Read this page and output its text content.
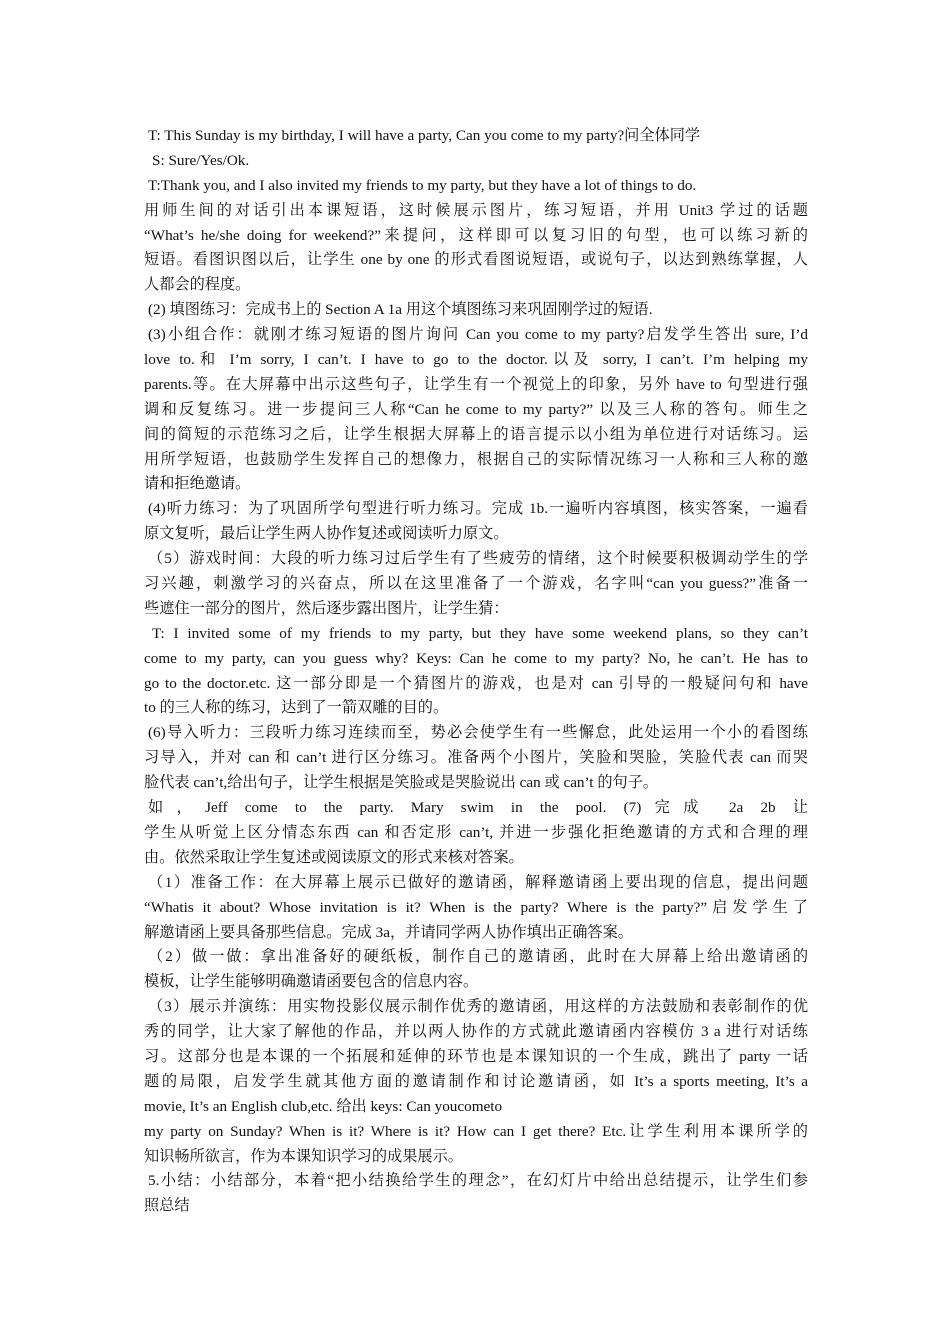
T: This Sunday is my birthday, I will have a party, Can you come to my party?问全体同学
S: Sure/Yes/Ok.
T:Thank you, and I also invited my friends to my party, but they have a lot of things to do.
用师生间的对话引出本课短语，这时候展示图片，练习短语，并用 Unit3 学过的话题
“What’s he/she doing for weekend?”来提问，这样即可以复习旧的句型，也可以练习新的
短语。看图识图以后，让学生 one by one 的形式看图说短语，或说句子，以达到熟练掌握，人
人都会的程度。
(2) 填图练习：完成书上的 Section A 1a 用这个填图练习来巩固刚学过的短语.
(3)小组合作：就刚才练习短语的图片询问 Can you come to my party?启发学生答出 sure, I’d
love to.和 I’m sorry, I can’t. I have to go to the doctor.以及 sorry, I can’t. I’m helping my
parents.等。在大屏幕中出示这些句子，让学生有一个视觉上的印象，另外 have to 句型进行强
调和反复练习。进一步提问三人称“Can he come to my party?” 以及三人称的答句。师生之
间的简短的示范练习之后，让学生根据大屏幕上的语言提示以小组为单位进行对话练习。运
用所学短语，也鼓励学生发挥自己的想像力，根据自己的实际情况练习一人称和三人称的邀
请和拒绝邀请。
(4)听力练习：为了巩固所学句型进行听力练习。完成 1b.一遍听内容填图，核实答案，一遍看
原文复听，最后让学生两人协作复述或阅读听力原文。
（5）游戏时间：大段的听力练习过后学生有了些疲劳的情绪，这个时候要积极调动学生的学
习兴趣，刺激学习的兴奋点，所以在这里准备了一个游戏，名字叫“can you guess?”准备一
些遮住一部分的图片，然后逐步露出图片，让学生猜：
T: I invited some of my friends to my party, but they have some weekend plans, so they can’t
come to my party, can you guess why? Keys: Can he come to my party? No, he can’t. He has to
go to the doctor.etc. 这一部分即是一个猜图片的游戏，也是对 can 引导的一般疑问句和 have
to 的三人称的练习，达到了一箭双雕的目的。
(6)导入听力：三段听力练习连续而至，势必会使学生有一些懈怠，此处运用一个小的看图练
习导入，并对 can 和 can’t 进行区分练习。准备两个小图片，笑脸和哭脸，笑脸代表 can 而哭
脸代表 can’t,给出句子，让学生根据是笑脸或是哭脸说出 can 或 can’t 的句子。
如，Jeff come to the party. Mary swim in the pool. (7)完成 2a 2b 让
学生从听觉上区分情态东西 can 和否定形 can’t, 并进一步强化拒绝邀请的方式和合理的理
由。依然采取让学生复述或阅读原文的形式来核对答案。
（1）准备工作：在大屏幕上展示已做好的邀请函，解释邀请函上要出现的信息，提出问题
“Whatis it about? Whose invitation is it? When is the party? Where is the party?”启发学生了
解邀请函上要具备那些信息。完成 3a，并请同学两人协作填出正确答案。
（2）做一做：拿出准备好的硬纸板，制作自己的邀请函，此时在大屏幕上给出邀请函的
模板，让学生能够明确邀请函要包含的信息内容。
（3）展示并演练：用实物投影仪展示制作优秀的邀请函，用这样的方法鼓励和表彰制作的优
秀的同学，让大家了解他的作品，并以两人协作的方式就此邀请函内容模仿 3 a 进行对话练
习。这部分也是本课的一个拓展和延伸的环节也是本课知识的一个生成，跳出了 party 一话
题的局限，启发学生就其他方面的邀请制作和讨论邀请函，如 It’s a sports meeting, It’s a
movie, It’s an English club,etc. 给出 keys: Can youcometo
my party on Sunday? When is it? Where is it? How can I get there? Etc.让学生利用本课所学的
知识畅所欲言，作为本课知识学习的成果展示。
5.小结：小结部分，本着“把小结换给学生的理念”，在幻灯片中给出总结提示，让学生们参
照总结
